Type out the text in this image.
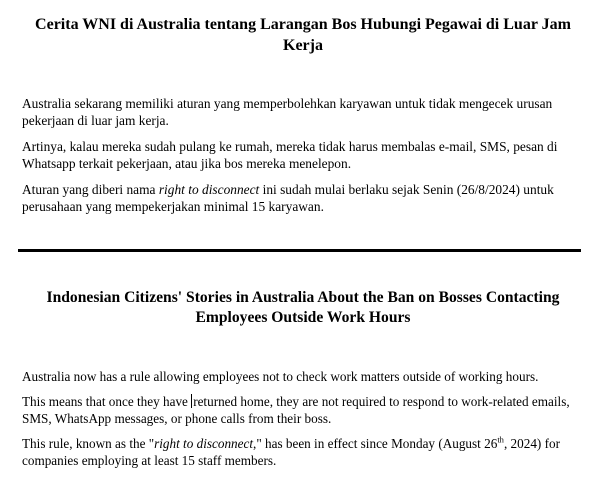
Cerita WNI di Australia tentang Larangan Bos Hubungi Pegawai di Luar Jam Kerja

Australia sekarang memiliki aturan yang memperbolehkan karyawan untuk tidak mengecek urusan pekerjaan di luar jam kerja.

Artinya, kalau mereka sudah pulang ke rumah, mereka tidak harus membalas e-mail, SMS, pesan di Whatsapp terkait pekerjaan, atau jika bos mereka menelepon.

Aturan yang diberi nama right to disconnect ini sudah mulai berlaku sejak Senin (26/8/2024) untuk perusahaan yang mempekerjakan minimal 15 karyawan.

Indonesian Citizens' Stories in Australia About the Ban on Bosses Contacting Employees Outside Work Hours

Australia now has a rule allowing employees not to check work matters outside of working hours.

This means that once they have returned home, they are not required to respond to work-related emails, SMS, WhatsApp messages, or phone calls from their boss.

This rule, known as the "right to disconnect," has been in effect since Monday (August 26th, 2024) for companies employing at least 15 staff members.
